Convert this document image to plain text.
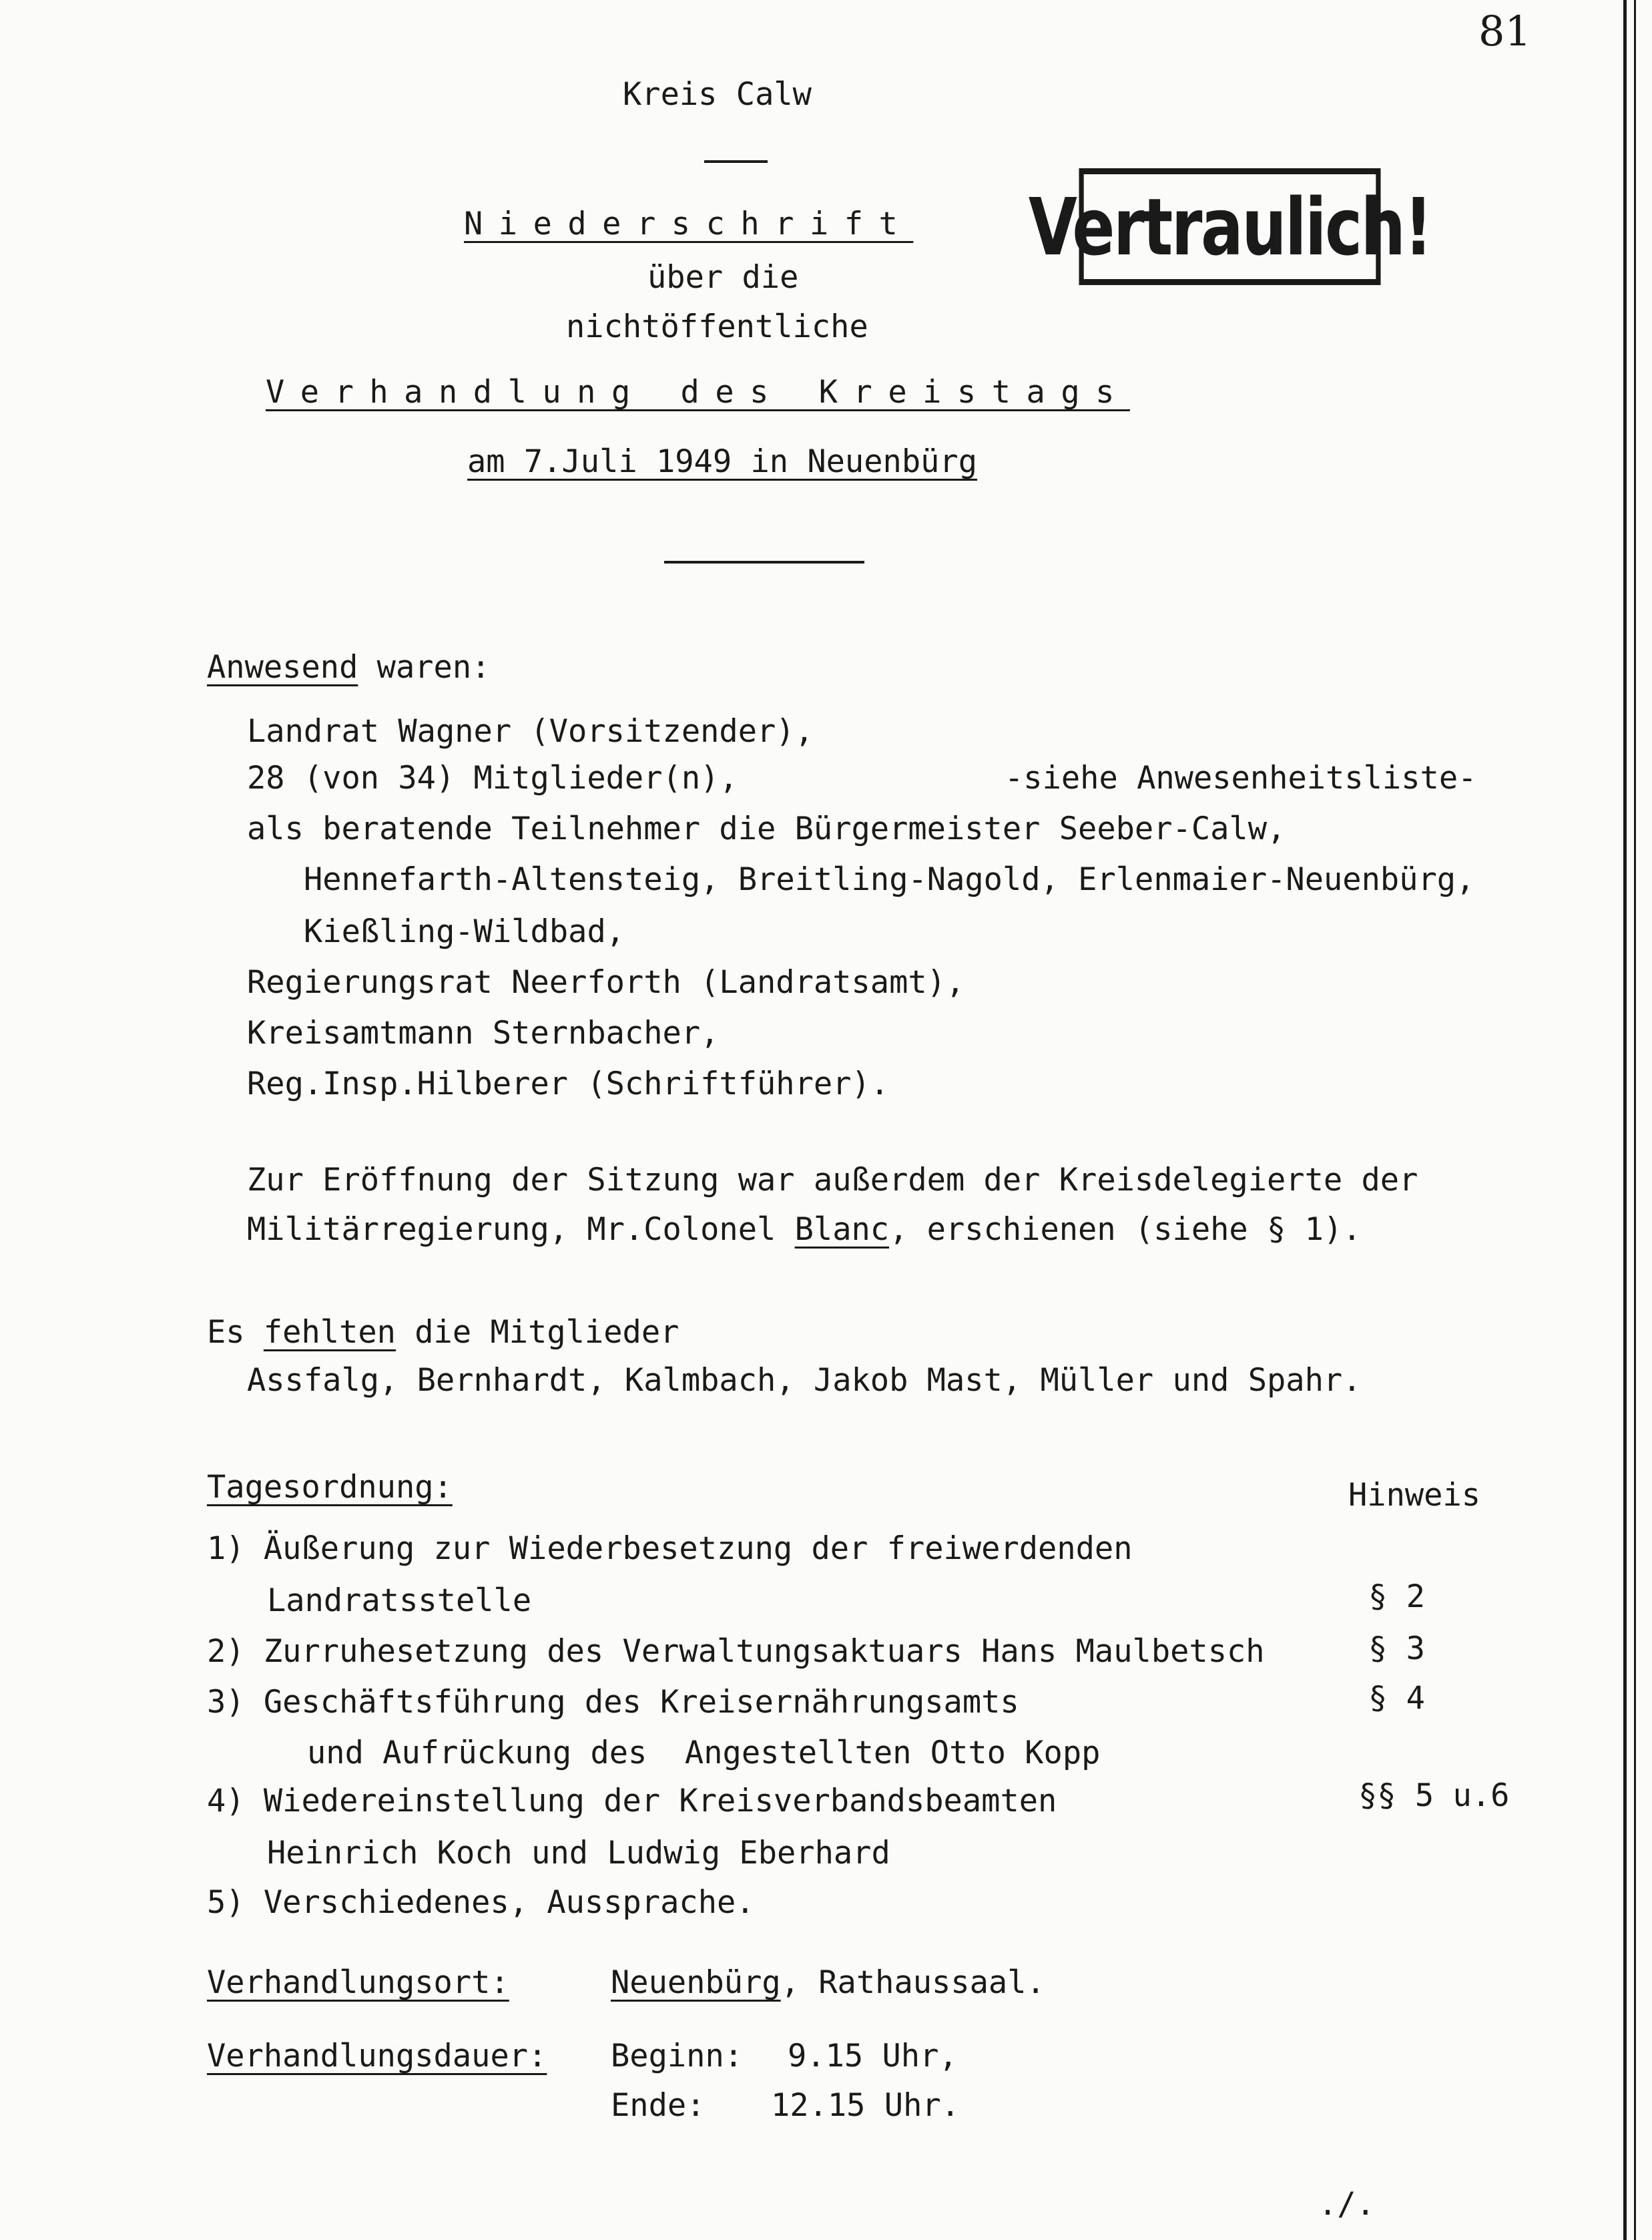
81
Kreis Calw
Vertraulich!
Niederschrift
über die
nichtöffentliche
Verhandlung des Kreistags
am 7.Juli 1949 in Neuenbürg
Anwesend waren:
Landrat Wagner (Vorsitzender),
28 (von 34) Mitglieder(n),	-siehe Anwesenheitsliste-
als beratende Teilnehmer die Bürgermeister Seeber-Calw,
Hennefarth-Altensteig, Breitling-Nagold, Erlenmaier-Neuenbürg,
Kießling-Wildbad,
Regierungsrat Neerforth (Landratsamt),
Kreisamtmann Sternbacher,
Reg.Insp.Hilberer (Schriftführer).
Zur Eröffnung der Sitzung war außerdem der Kreisdelegierte der
Militärregierung, Mr.Colonel Blanc, erschienen (siehe § 1).
Es fehlten die Mitglieder
Assfalg, Bernhardt, Kalmbach, Jakob Mast, Müller und Spahr.
Tagesordnung:	Hinweis
1) Äußerung zur Wiederbesetzung der freiwerdenden
Landratsstelle	§ 2
2) Zurruhesetzung des Verwaltungsaktuars Hans Maulbetsch	§ 3
3) Geschäftsführung des Kreisernährungsamts	§ 4
und Aufrückung des  Angestellten Otto Kopp
4) Wiedereinstellung der Kreisverbandsbeamten	§§ 5 u.6
Heinrich Koch und Ludwig Eberhard
5) Verschiedenes, Aussprache.
Verhandlungsort:	Neuenbürg, Rathaussaal.
Verhandlungsdauer: Beginn: 9.15 Uhr,
Ende: 12.15 Uhr.
./.
